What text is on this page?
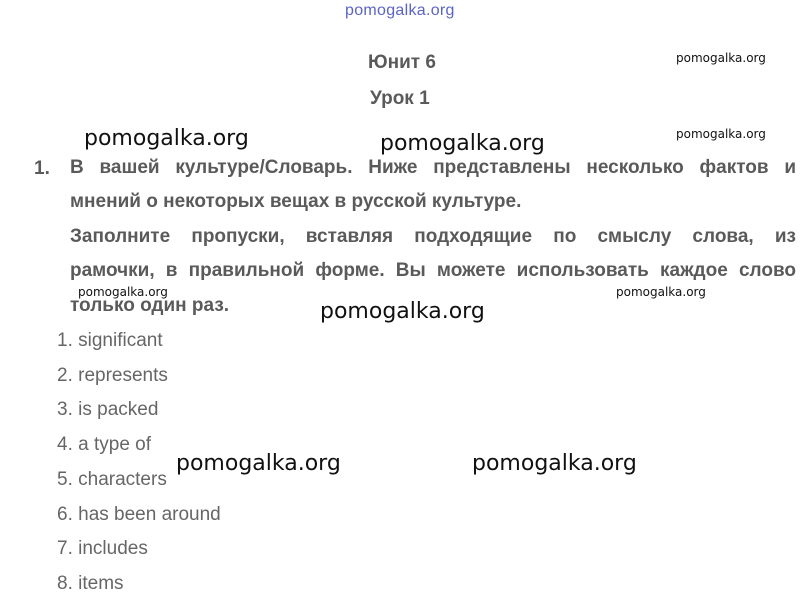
pomogalka.org
Юнит 6
Урок 1
1. В вашей культуре/Словарь. Ниже представлены несколько фактов и
мнений о некоторых вещах в русской культуре.
Заполните пропуски, вставляя подходящие по смыслу слова, из
рамочки, в правильной форме. Вы можете использовать каждое слово
только один раз.
1. significant
2. represents
3. is packed
4. a type of
5. characters
6. has been around
7. includes
8. items
pomogalka.org
pomogalka.org
pomogalka.org	pomogalka.org
pomogalka.org	pomogalka.org
pomogalka.org
pomogalka.org	pomogalka.org
